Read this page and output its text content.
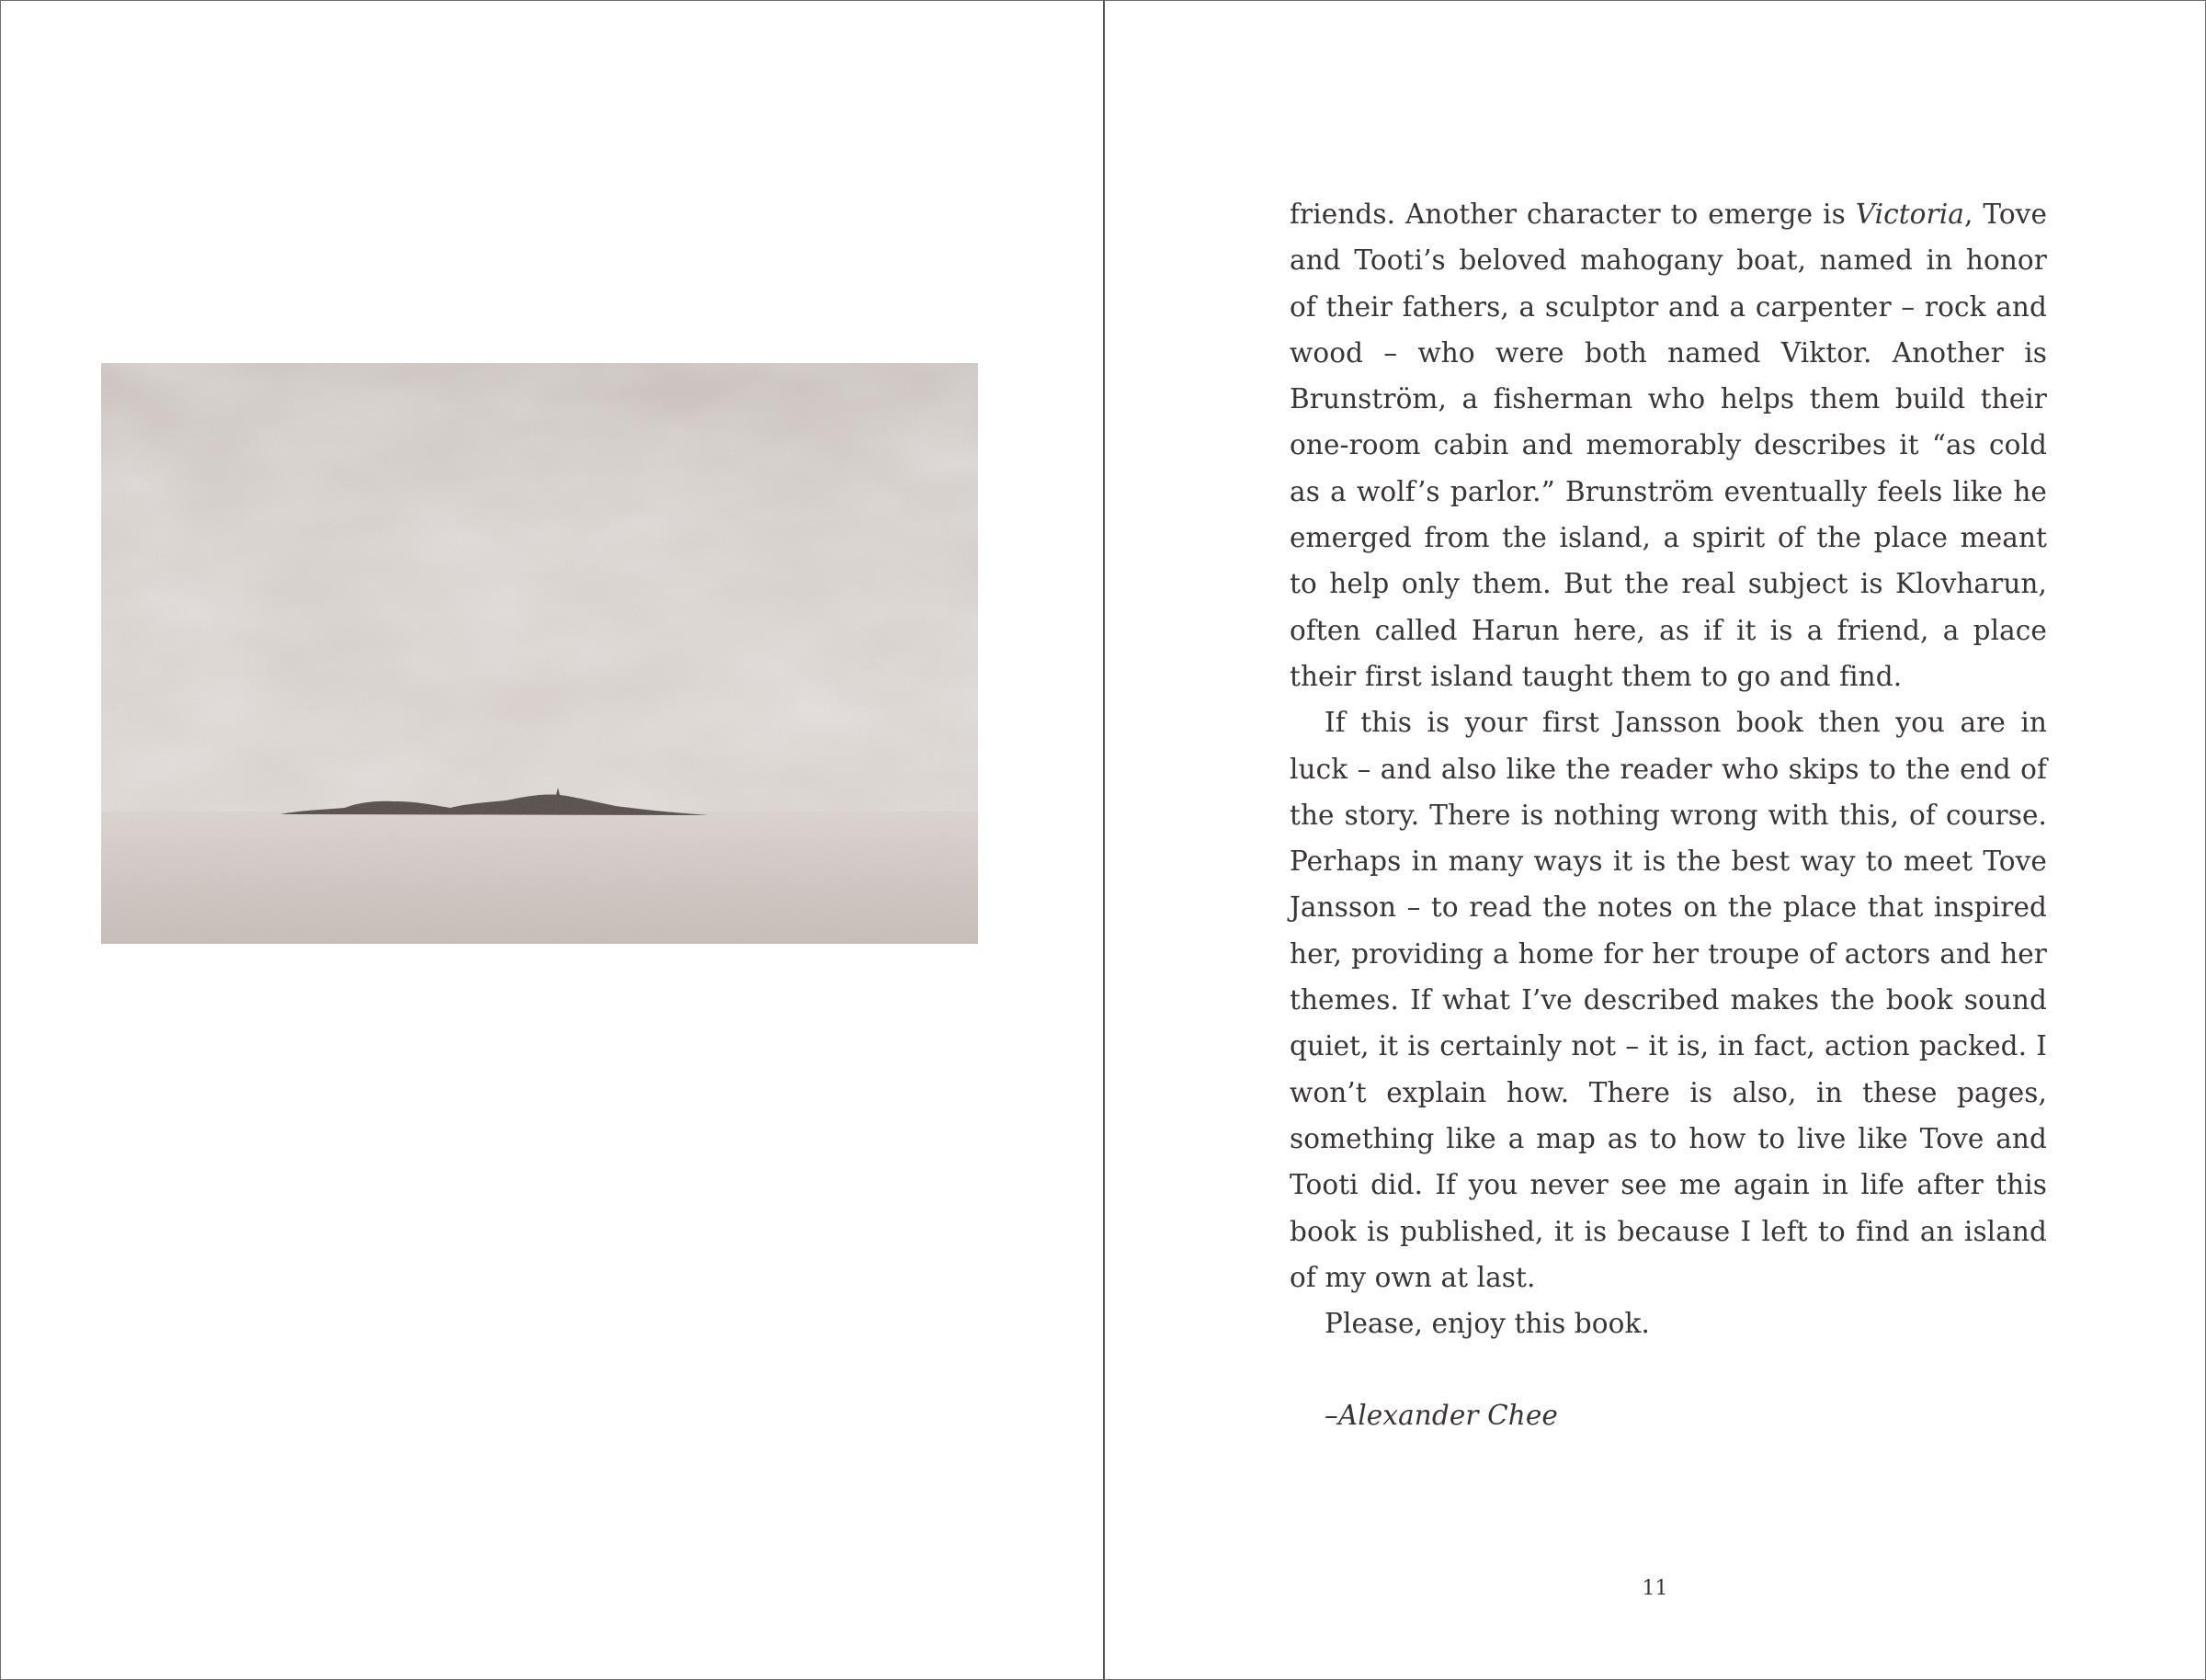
friends. Another character to emerge is Victoria, Tove and Tooti’s beloved mahogany boat, named in honor of their fathers, a sculptor and a carpenter – rock and wood – who were both named Viktor. Another is Brunström, a fisherman who helps them build their one-room cabin and memorably describes it “as cold as a wolf’s parlor.” Brunström eventually feels like he emerged from the island, a spirit of the place meant to help only them. But the real subject is Klovharun, often called Harun here, as if it is a friend, a place their first island taught them to go and find.

If this is your first Jansson book then you are in luck – and also like the reader who skips to the end of the story. There is nothing wrong with this, of course. Perhaps in many ways it is the best way to meet Tove Jansson – to read the notes on the place that inspired her, providing a home for her troupe of actors and her themes. If what I’ve described makes the book sound quiet, it is certainly not – it is, in fact, action packed. I won’t explain how. There is also, in these pages, something like a map as to how to live like Tove and Tooti did. If you never see me again in life after this book is published, it is because I left to find an island of my own at last.

Please, enjoy this book.

–Alexander Chee

11
